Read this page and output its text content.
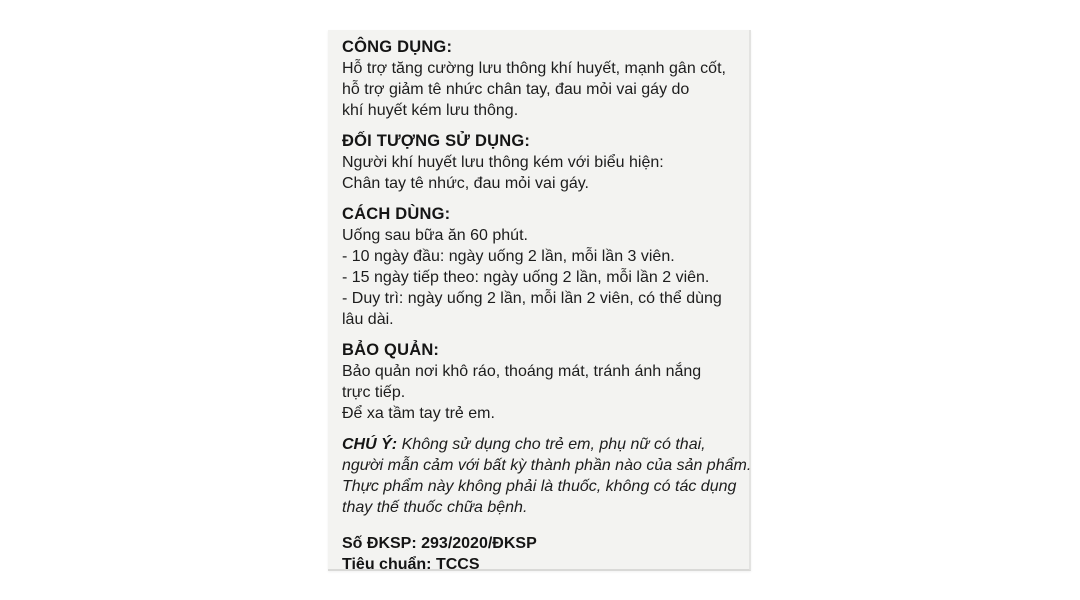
CÔNG DỤNG:
Hỗ trợ tăng cường lưu thông khí huyết, mạnh gân cốt,
hỗ trợ giảm tê nhức chân tay, đau mỏi vai gáy do
khí huyết kém lưu thông.
ĐỐI TƯỢNG SỬ DỤNG:
Người khí huyết lưu thông kém với biểu hiện:
Chân tay tê nhức, đau mỏi vai gáy.
CÁCH DÙNG:
Uống sau bữa ăn 60 phút.
- 10 ngày đầu: ngày uống 2 lần, mỗi lần 3 viên.
- 15 ngày tiếp theo: ngày uống 2 lần, mỗi lần 2 viên.
- Duy trì: ngày uống 2 lần, mỗi lần 2 viên, có thể dùng
lâu dài.
BẢO QUẢN:
Bảo quản nơi khô ráo, thoáng mát, tránh ánh nắng
trực tiếp.
Để xa tầm tay trẻ em.
CHÚ Ý: Không sử dụng cho trẻ em, phụ nữ có thai,
người mẫn cảm với bất kỳ thành phần nào của sản phẩm.
Thực phẩm này không phải là thuốc, không có tác dụng
thay thế thuốc chữa bệnh.
Số ĐKSP: 293/2020/ĐKSP
Tiêu chuẩn: TCCS
